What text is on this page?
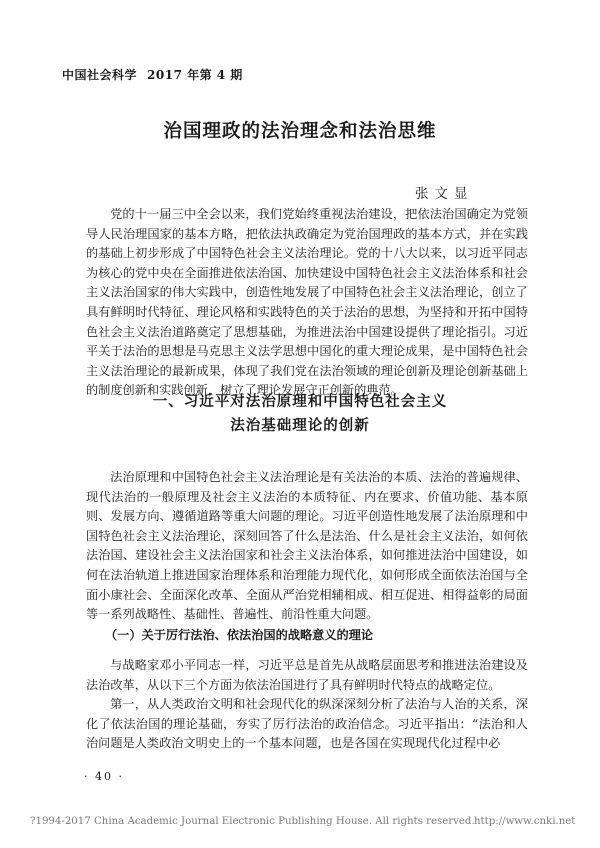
中国社会科学 2017 年第 4 期
治国理政的法治理念和法治思维
张文显

党的十一届三中全会以来，我们党始终重视法治建设，把依法治国确定为党领导人民治理国家的基本方略，把依法执政确定为党治国理政的基本方式，并在实践的基础上初步形成了中国特色社会主义法治理论。党的十八大以来，以习近平同志为核心的党中央在全面推进依法治国、加快建设中国特色社会主义法治体系和社会主义法治国家的伟大实践中，创造性地发展了中国特色社会主义法治理论，创立了具有鲜明时代特征、理论风格和实践特色的关于法治的思想，为坚持和开拓中国特色社会主义法治道路奠定了思想基础，为推进法治中国建设提供了理论指引。习近平关于法治的思想是马克思主义法学思想中国化的重大理论成果，是中国特色社会主义法治理论的最新成果，体现了我们党在法治领域的理论创新及理论创新基础上的制度创新和实践创新，树立了理论发展守正创新的典范。

一、习近平对法治原理和中国特色社会主义
法治基础理论的创新

法治原理和中国特色社会主义法治理论是有关法治的本质、法治的普遍规律、现代法治的一般原理及社会主义法治的本质特征、内在要求、价值功能、基本原则、发展方向、遵循道路等重大问题的理论。习近平创造性地发展了法治原理和中国特色社会主义法治理论，深刻回答了什么是法治、什么是社会主义法治，如何依法治国、建设社会主义法治国家和社会主义法治体系，如何推进法治中国建设，如何在法治轨道上推进国家治理体系和治理能力现代化，如何形成全面依法治国与全面小康社会、全面深化改革、全面从严治党相辅相成、相互促进、相得益彰的局面等一系列战略性、基础性、普遍性、前沿性重大问题。

（一）关于厉行法治、依法治国的战略意义的理论

与战略家邓小平同志一样，习近平总是首先从战略层面思考和推进法治建设及法治改革，从以下三个方面为依法治国进行了具有鲜明时代特点的战略定位。

第一，从人类政治文明和社会现代化的纵深深刻分析了法治与人治的关系，深化了依法治国的理论基础，夯实了厉行法治的政治信念。习近平指出：“法治和人治问题是人类政治文明史上的一个基本问题，也是各国在实现现代化过程中必

· 40 ·
?1994-2017 China Academic Journal Electronic Publishing House. All rights reserved. http://www.cnki.net
